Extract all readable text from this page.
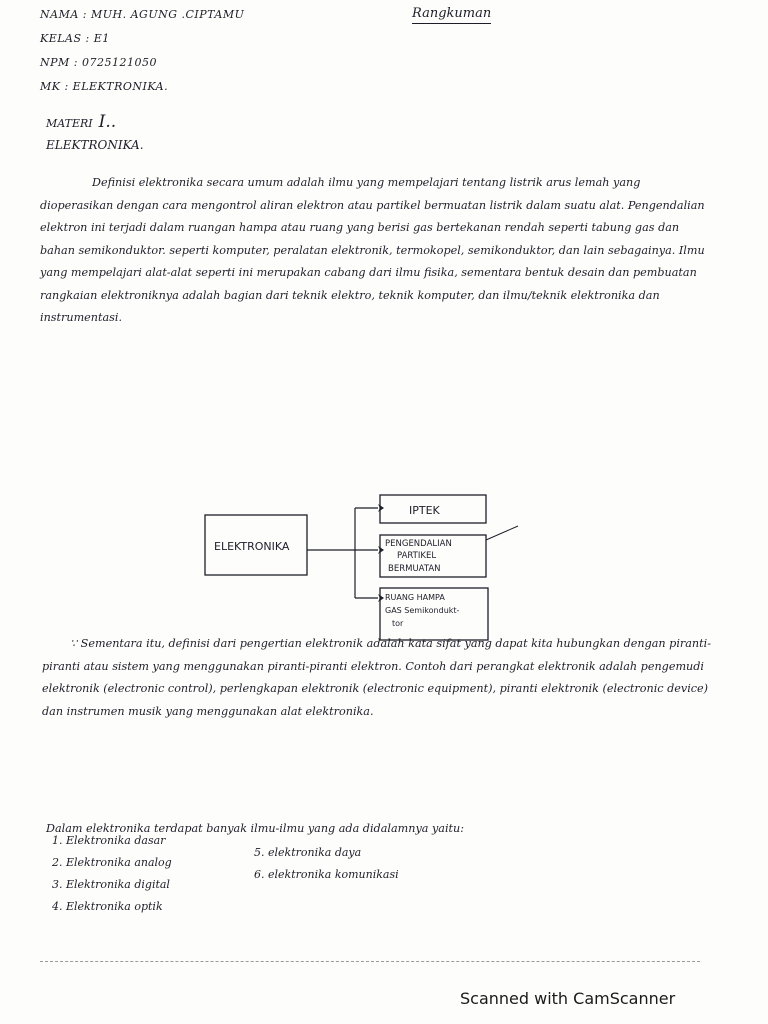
NAMA : MUH. AGUNG .CIPTAMU
KELAS : E1
NPM : 0725121050
MK : ELEKTRONIKA.
Rangkuman
MATERI I..
ELEKTRONIKA.

Definisi elektronika secara umum adalah ilmu yang mempelajari tentang listrik arus lemah yang dioperasikan dengan cara mengontrol aliran elektron atau partikel bermuatan listrik dalam suatu alat. Pengendalian elektron ini terjadi dalam ruangan hampa atau ruang yang berisi gas bertekanan rendah seperti tabung gas dan bahan semikonduktor. seperti komputer, peralatan elektronik, termokopel, semikonduktor, dan lain sebagainya. Ilmu yang mempelajari alat-alat seperti ini merupakan cabang dari ilmu fisika, sementara bentuk desain dan pembuatan rangkaian elektroniknya adalah bagian dari teknik elektro, teknik komputer, dan ilmu/teknik elektronika dan instrumentasi.

ELEKTRONIKA
IPTEK
PENGENDALIAN
PARTIKEL
BERMUATAN
RUANG HAMPA
GAS Semikondukt-
tor

∵ Sementara itu, definisi dari pengertian elektronik adalah kata sifat yang dapat kita hubungkan dengan piranti-piranti atau sistem yang menggunakan piranti-piranti elektron. Contoh dari perangkat elektronik adalah pengemudi elektronik (electronic control), perlengkapan elektronik (electronic equipment), piranti elektronik (electronic device) dan instrumen musik yang menggunakan alat elektronika.

Dalam elektronika terdapat banyak ilmu-ilmu yang ada didalamnya yaitu:

1. Elektronika dasar
2. Elektronika analog
3. Elektronika digital
4. Elektronika optik
5. elektronika daya
6. elektronika komunikasi
Scanned with CamScanner
